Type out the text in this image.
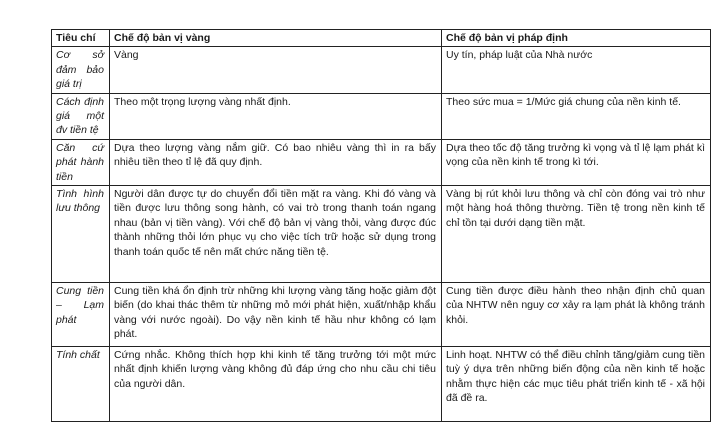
Tiêu chí	Chế độ bản vị vàng	Chế độ bản vị pháp định
Cơ sở đảm bảo giá trị	Vàng	Uy tín, pháp luật của Nhà nước
Cách định giá một đv tiền tệ	Theo một trọng lượng vàng nhất định.	Theo sức mua = 1/Mức giá chung của nền kinh tế.
Căn cứ phát hành tiền	Dựa theo lượng vàng nắm giữ. Có bao nhiêu vàng thì in ra bấy nhiêu tiền theo tỉ lệ đã quy định.	Dựa theo tốc độ tăng trưởng kì vọng và tỉ lệ lạm phát kì vọng của nền kinh tế trong kì tới.
Tình hình lưu thông	Người dân được tự do chuyển đổi tiền mặt ra vàng. Khi đó vàng và tiền được lưu thông song hành, có vai trò trong thanh toán ngang nhau (bản vị tiền vàng). Với chế độ bản vị vàng thỏi, vàng được đúc thành những thỏi lớn phục vụ cho việc tích trữ hoặc sử dụng trong thanh toán quốc tế nên mất chức năng tiền tệ.	Vàng bị rút khỏi lưu thông và chỉ còn đóng vai trò như một hàng hoá thông thường. Tiền tệ trong nền kinh tế chỉ tồn tại dưới dạng tiền mặt.
Cung tiền – Lạm phát	Cung tiền khá ổn định trừ những khi lượng vàng tăng hoặc giảm đột biến (do khai thác thêm từ những mỏ mới phát hiện, xuất/nhập khẩu vàng với nước ngoài). Do vậy nền kinh tế hầu như không có lạm phát.	Cung tiền được điều hành theo nhận định chủ quan của NHTW nên nguy cơ xảy ra lạm phát là không tránh khỏi.
Tính chất	Cứng nhắc. Không thích hợp khi kinh tế tăng trưởng tới một mức nhất định khiến lượng vàng không đủ đáp ứng cho nhu cầu chi tiêu của người dân.	Linh hoạt. NHTW có thể điều chỉnh tăng/giảm cung tiền tuỳ ý dựa trên những biến động của nền kinh tế hoặc nhằm thực hiện các mục tiêu phát triển kinh tế - xã hội đã đề ra.
